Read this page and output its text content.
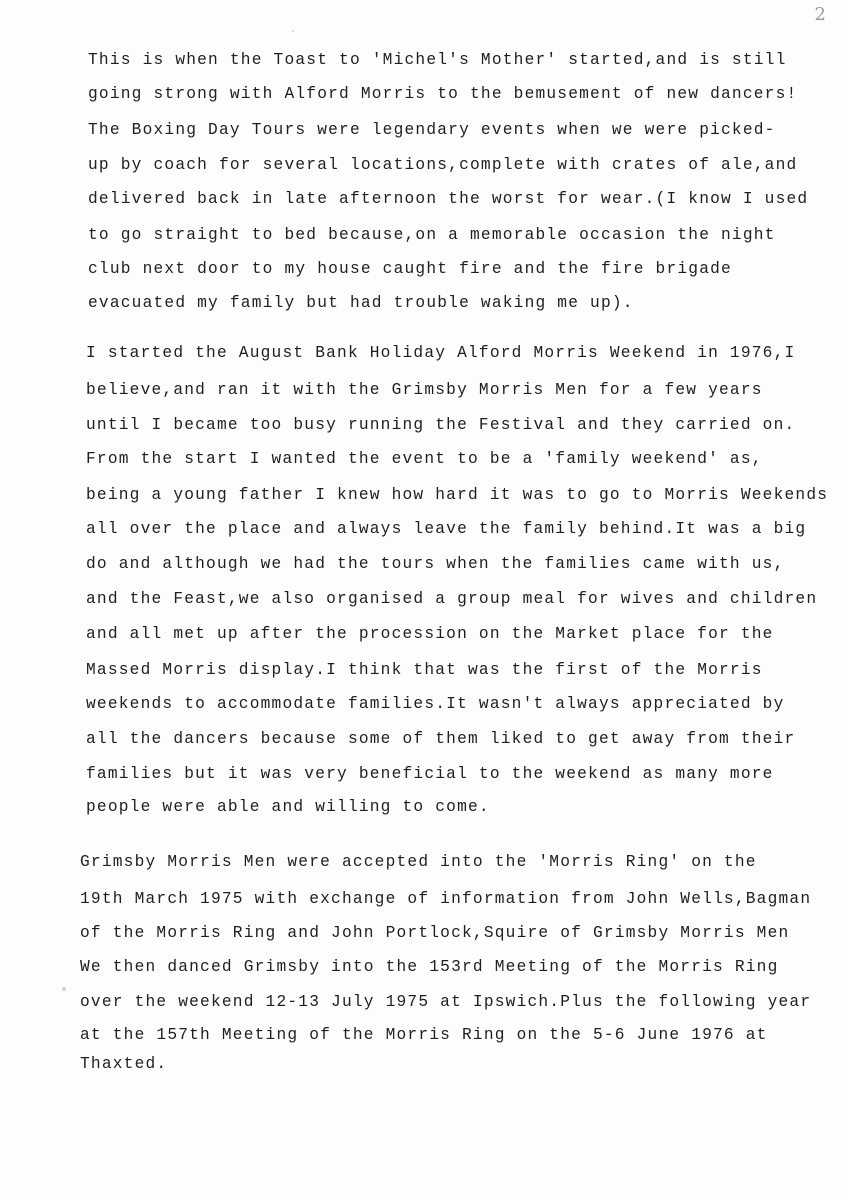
2
This is when the Toast to 'Michel's Mother' started,and is still
going strong with Alford Morris to the bemusement of new dancers!
The Boxing Day Tours were legendary events when we were picked-
up by coach for several locations,complete with crates of ale,and
delivered back in late afternoon the worst for wear.(I know I used
to go straight to bed because,on a memorable occasion the night
club next door to my house caught fire and the fire brigade
evacuated my family but had trouble waking me up).
I started the August Bank Holiday Alford Morris Weekend in 1976,I
believe,and ran it with the Grimsby Morris Men for a few years
until I became too busy running the Festival and they carried on.
From the start I wanted the event to be a 'family weekend' as,
being a young father I knew how hard it was to go to Morris Weekends
all over the place and always leave the family behind.It was a big
do and although we had the tours when the families came with us,
and the Feast,we also organised a group meal for wives and children
and all met up after the procession on the Market place for the
Massed Morris display.I think that was the first of the Morris
weekends to accommodate families.It wasn't always appreciated by
all the dancers because some of them liked to get away from their
families but it was very beneficial to the weekend as many more
people were able and willing to come.
Grimsby Morris Men were accepted into the 'Morris Ring' on the
19th March 1975 with exchange of information from John Wells,Bagman
of the Morris Ring and John Portlock,Squire of Grimsby Morris Men
We then danced Grimsby into the 153rd Meeting of the Morris Ring
over the weekend 12-13 July 1975 at Ipswich.Plus the following year
at the 157th Meeting of the Morris Ring on the 5-6 June 1976 at
Thaxted.
